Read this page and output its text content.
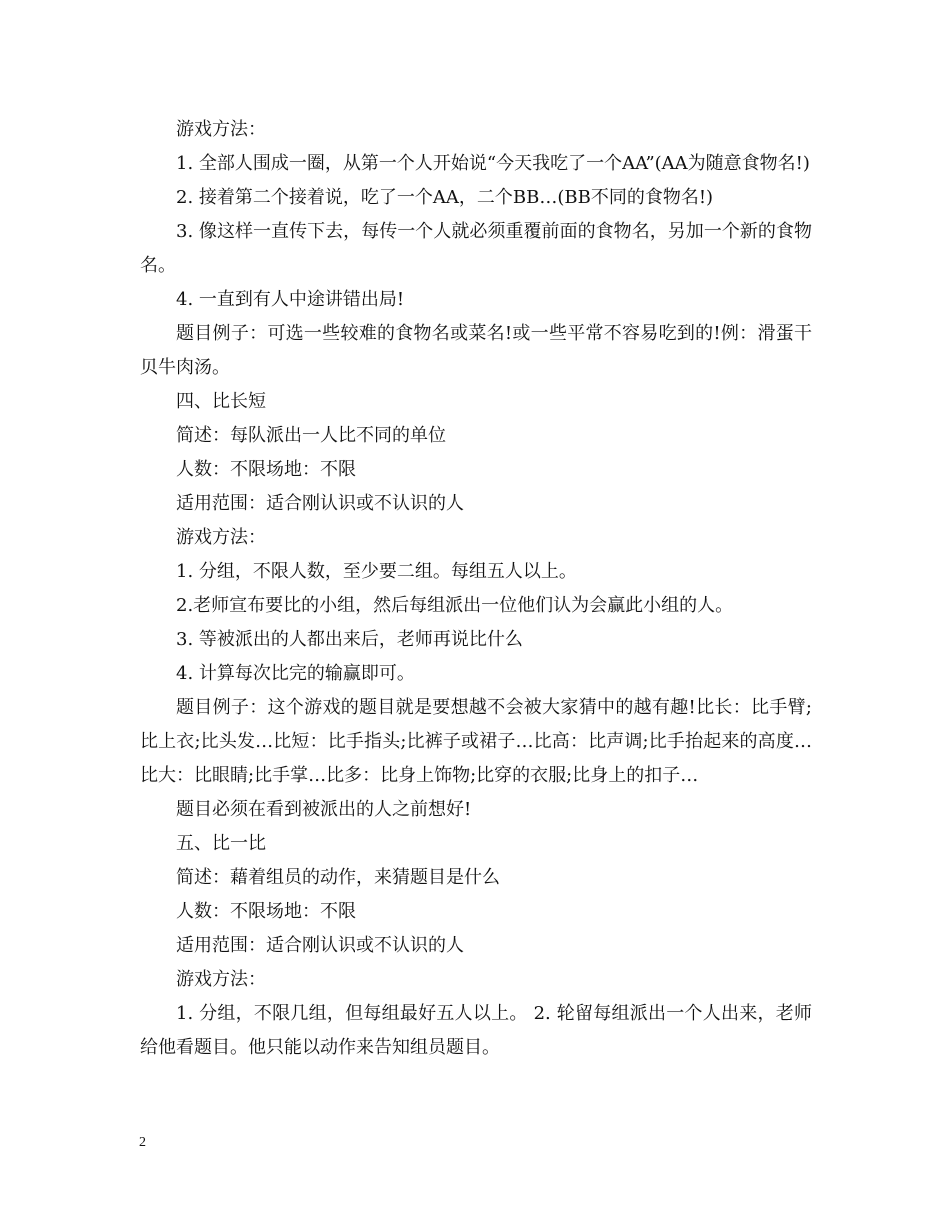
游戏方法：

1. 全部人围成一圈，从第一个人开始说“今天我吃了一个AA”(AA为随意食物名!)

2. 接着第二个接着说，吃了一个AA，二个BB…(BB不同的食物名!)

3. 像这样一直传下去，每传一个人就必须重覆前面的食物名，另加一个新的食物名。

4. 一直到有人中途讲错出局!

题目例子：可选一些较难的食物名或菜名!或一些平常不容易吃到的!例：滑蛋干贝牛肉汤。

四、比长短

简述：每队派出一人比不同的单位

人数：不限场地：不限

适用范围：适合刚认识或不认识的人

游戏方法：

1. 分组，不限人数，至少要二组。每组五人以上。

2.老师宣布要比的小组，然后每组派出一位他们认为会赢此小组的人。

3. 等被派出的人都出来后，老师再说比什么

4. 计算每次比完的输赢即可。

题目例子：这个游戏的题目就是要想越不会被大家猜中的越有趣!比长：比手臂;比上衣;比头发…比短：比手指头;比裤子或裙子…比高：比声调;比手抬起来的高度…比大：比眼睛;比手掌…比多：比身上饰物;比穿的衣服;比身上的扣子…

题目必须在看到被派出的人之前想好!

五、比一比

简述：藉着组员的动作，来猜题目是什么

人数：不限场地：不限

适用范围：适合刚认识或不认识的人

游戏方法：

1. 分组，不限几组，但每组最好五人以上。 2. 轮留每组派出一个人出来，老师给他看题目。他只能以动作来告知组员题目。

2
